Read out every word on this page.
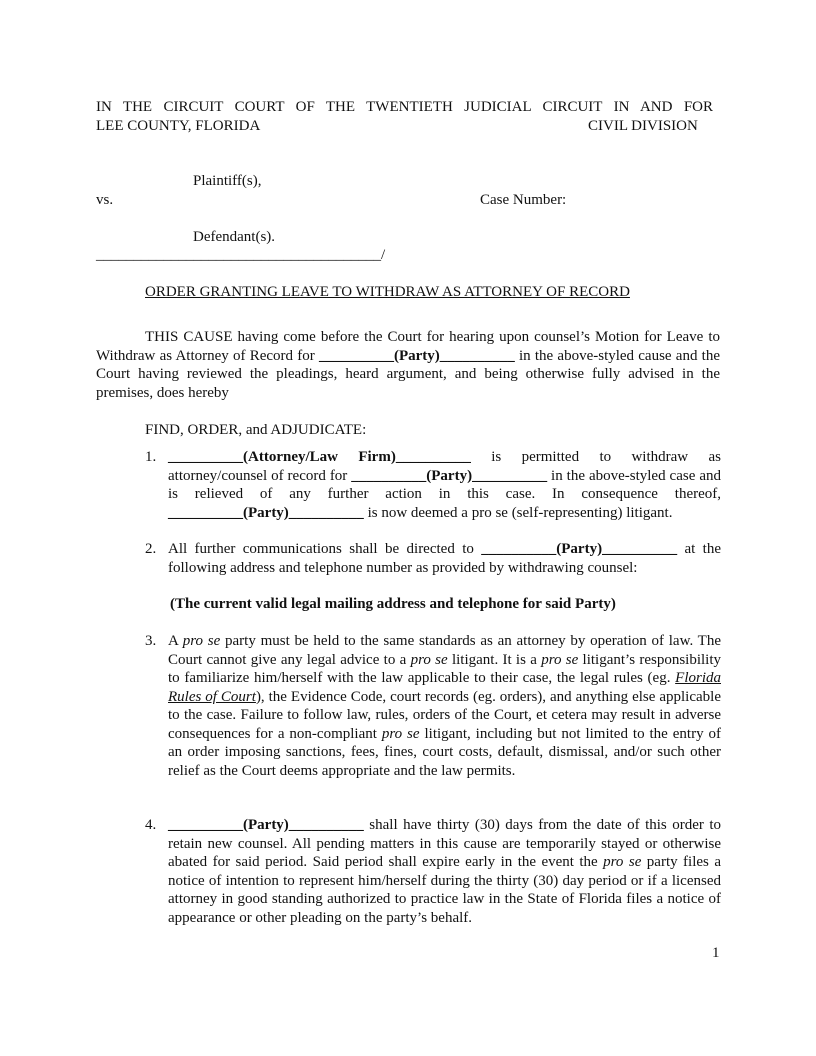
IN THE CIRCUIT COURT OF THE TWENTIETH JUDICIAL CIRCUIT IN AND FOR
LEE COUNTY, FLORIDA	CIVIL DIVISION
Plaintiff(s),
vs.	Case Number:
Defendant(s).
______________________________________/
ORDER GRANTING LEAVE TO WITHDRAW AS ATTORNEY OF RECORD
THIS CAUSE having come before the Court for hearing upon counsel’s Motion for Leave to Withdraw as Attorney of Record for __________(Party)__________ in the above-styled cause and the Court having reviewed the pleadings, heard argument, and being otherwise fully advised in the premises, does hereby
FIND, ORDER, and ADJUDICATE:
1. __________(Attorney/Law Firm)__________ is permitted to withdraw as attorney/counsel of record for __________(Party)__________ in the above-styled case and is relieved of any further action in this case. In consequence thereof, __________(Party)__________ is now deemed a pro se (self-representing) litigant.
2. All further communications shall be directed to __________(Party)__________ at the following address and telephone number as provided by withdrawing counsel:
(The current valid legal mailing address and telephone for said Party)
3. A pro se party must be held to the same standards as an attorney by operation of law. The Court cannot give any legal advice to a pro se litigant. It is a pro se litigant’s responsibility to familiarize him/herself with the law applicable to their case, the legal rules (eg. Florida Rules of Court), the Evidence Code, court records (eg. orders), and anything else applicable to the case. Failure to follow law, rules, orders of the Court, et cetera may result in adverse consequences for a non-compliant pro se litigant, including but not limited to the entry of an order imposing sanctions, fees, fines, court costs, default, dismissal, and/or such other relief as the Court deems appropriate and the law permits.
4. __________(Party)__________ shall have thirty (30) days from the date of this order to retain new counsel. All pending matters in this cause are temporarily stayed or otherwise abated for said period. Said period shall expire early in the event the pro se party files a notice of intention to represent him/herself during the thirty (30) day period or if a licensed attorney in good standing authorized to practice law in the State of Florida files a notice of appearance or other pleading on the party’s behalf.
1
